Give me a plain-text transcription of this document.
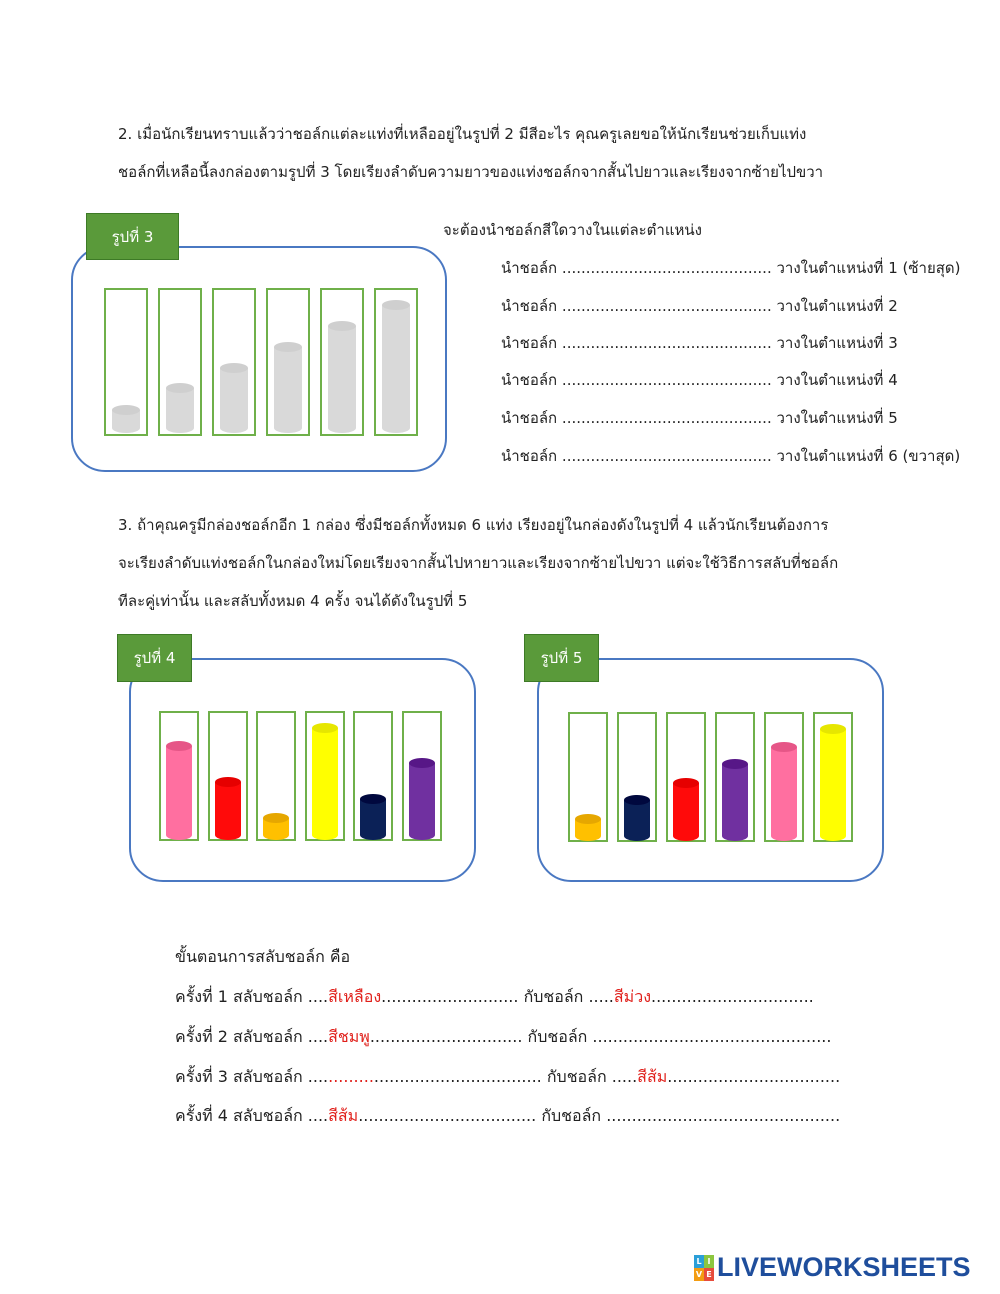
2. เมื่อนักเรียนทราบแล้วว่าชอล์กแต่ละแท่งที่เหลืออยู่ในรูปที่ 2 มีสีอะไร คุณครูเลยขอให้นักเรียนช่วยเก็บแท่ง
ชอล์กที่เหลือนี้ลงกล่องตามรูปที่ 3 โดยเรียงลำดับความยาวของแท่งชอล์กจากสั้นไปยาวและเรียงจากซ้ายไปขวา
รูปที่ 3	จะต้องนำชอล์กสีใดวางในแต่ละตำแหน่ง
นำชอล์ก ............................................ วางในตำแหน่งที่ 1 (ซ้ายสุด)
นำชอล์ก ............................................ วางในตำแหน่งที่ 2
นำชอล์ก ............................................ วางในตำแหน่งที่ 3
นำชอล์ก ............................................ วางในตำแหน่งที่ 4
นำชอล์ก ............................................ วางในตำแหน่งที่ 5
นำชอล์ก ............................................ วางในตำแหน่งที่ 6 (ขวาสุด)
3. ถ้าคุณครูมีกล่องชอล์กอีก 1 กล่อง ซึ่งมีชอล์กทั้งหมด 6 แท่ง เรียงอยู่ในกล่องดังในรูปที่ 4 แล้วนักเรียนต้องการ
จะเรียงลำดับแท่งชอล์กในกล่องใหม่โดยเรียงจากสั้นไปหายาวและเรียงจากซ้ายไปขวา แต่จะใช้วิธีการสลับที่ชอล์ก
ทีละคู่เท่านั้น และสลับทั้งหมด 4 ครั้ง จนได้ดังในรูปที่ 5
รูปที่ 4	รูปที่ 5
ขั้นตอนการสลับชอล์ก คือ
ครั้งที่ 1 สลับชอล์ก ....สีเหลือง........................... กับชอล์ก .....สีม่วง................................
ครั้งที่ 2 สลับชอล์ก ....สีชมพู.............................. กับชอล์ก ...............................................
ครั้งที่ 3 สลับชอล์ก .............................................. กับชอล์ก .....สีส้ม..................................
ครั้งที่ 4 สลับชอล์ก ....สีส้ม................................... กับชอล์ก ..............................................
L I
V E LIVEWORKSHEETS
